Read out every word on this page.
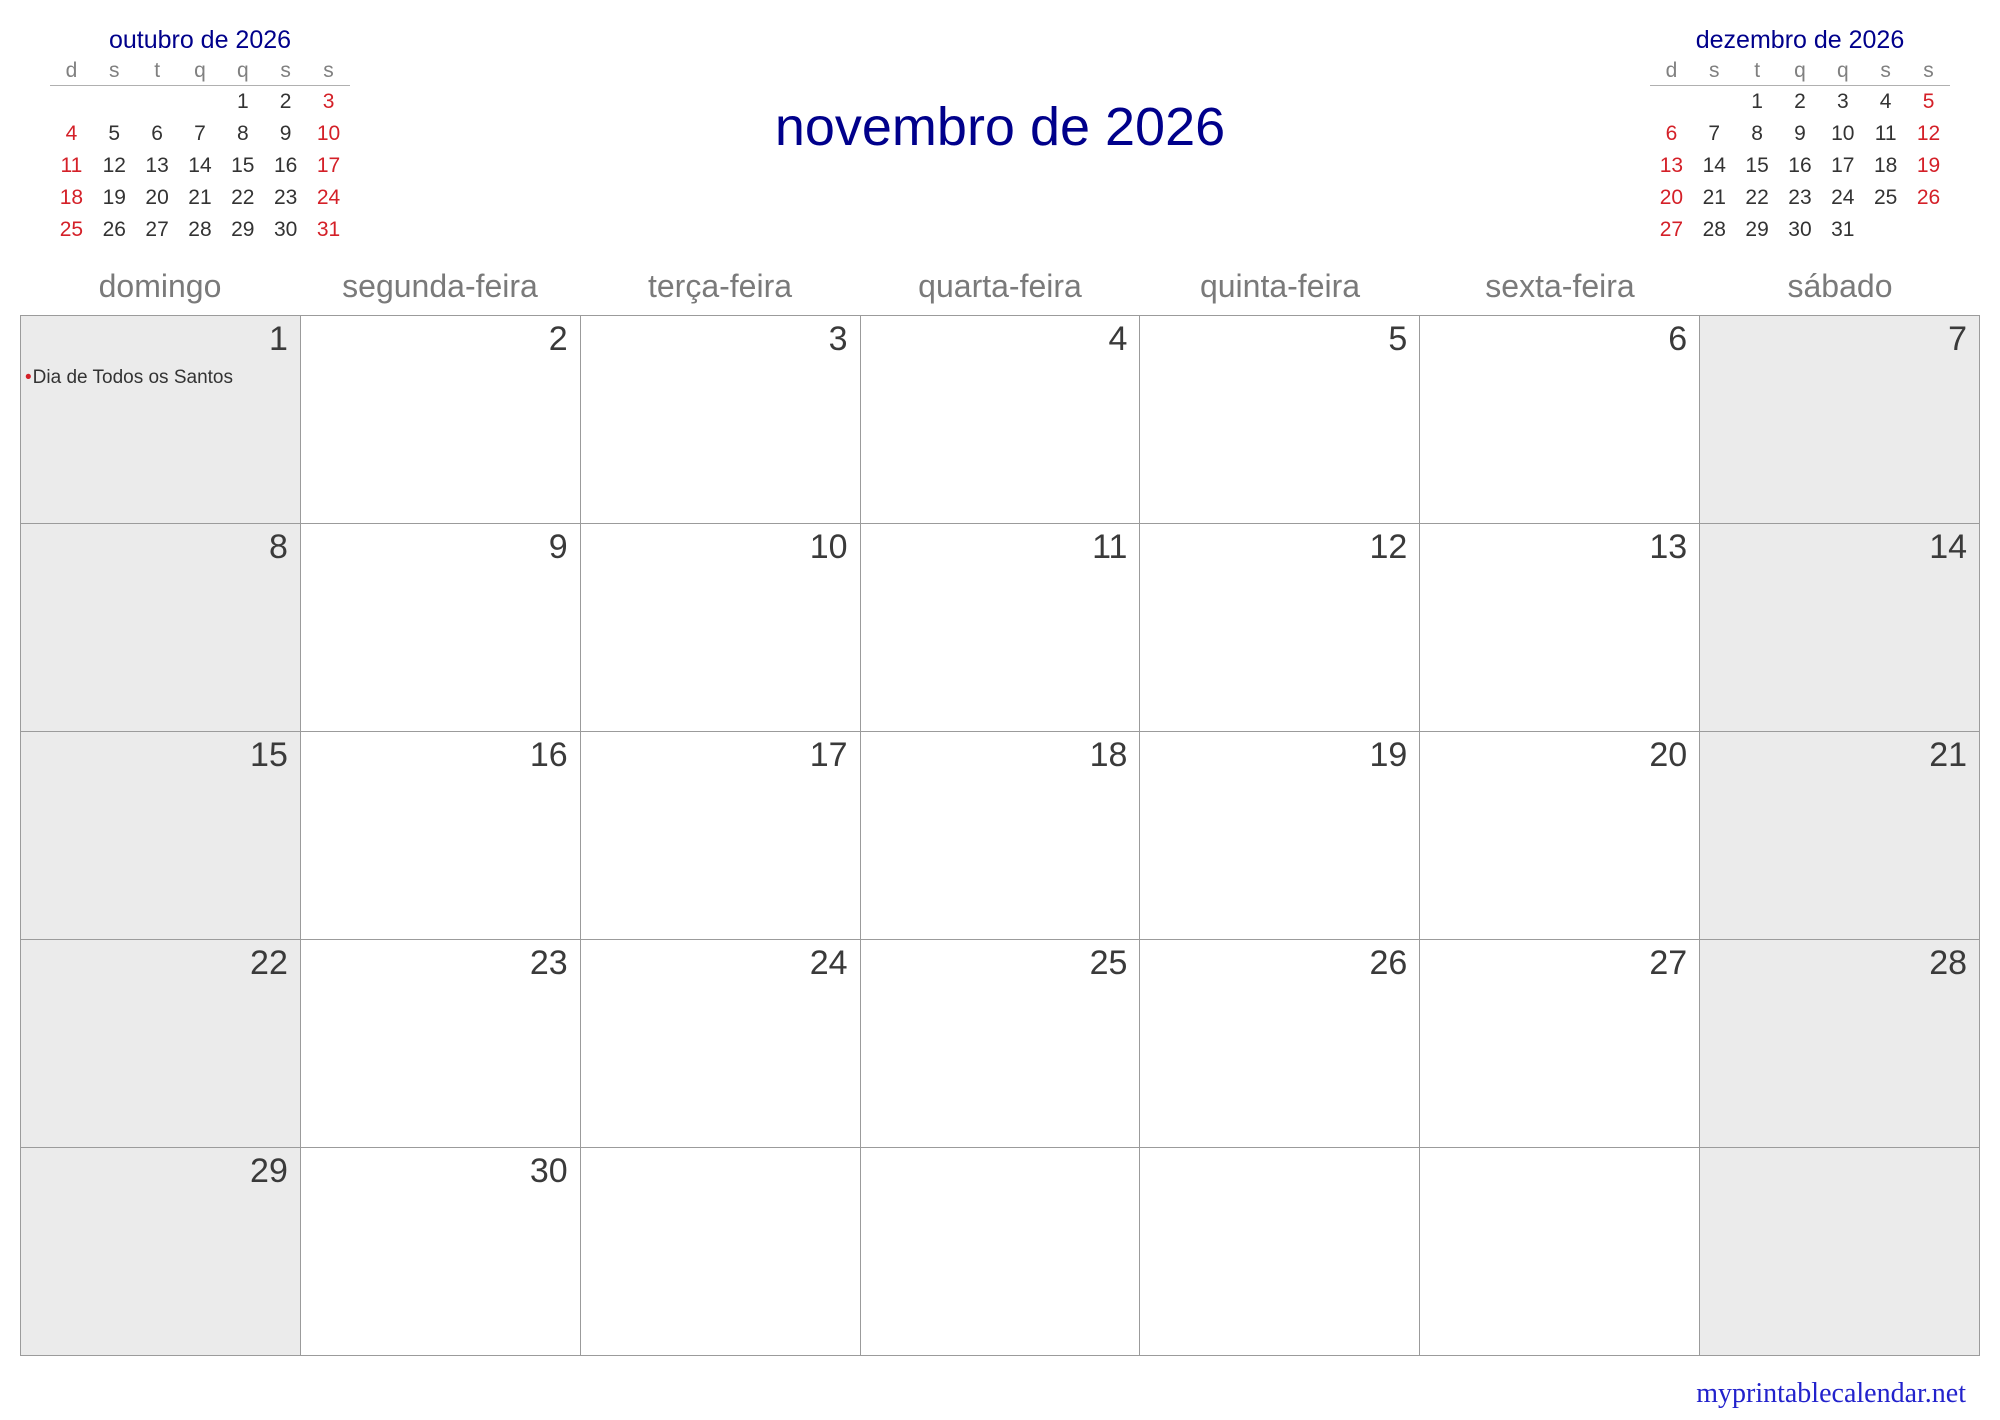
outubro de 2026
d	s	t	q	q	s	s
				1	2	3
4	5	6	7	8	9	10
11	12	13	14	15	16	17
18	19	20	21	22	23	24
25	26	27	28	29	30	31
novembro de 2026
dezembro de 2026
d	s	t	q	q	s	s
		1	2	3	4	5
6	7	8	9	10	11	12
13	14	15	16	17	18	19
20	21	22	23	24	25	26
27	28	29	30	31		
domingo	segunda-feira	terça-feira	quarta-feira	quinta-feira	sexta-feira	sábado
1
•Dia de Todos os Santos
2	3	4	5	6	7
8	9	10	11	12	13	14
15	16	17	18	19	20	21
22	23	24	25	26	27	28
29	30
myprintablecalendar.net
